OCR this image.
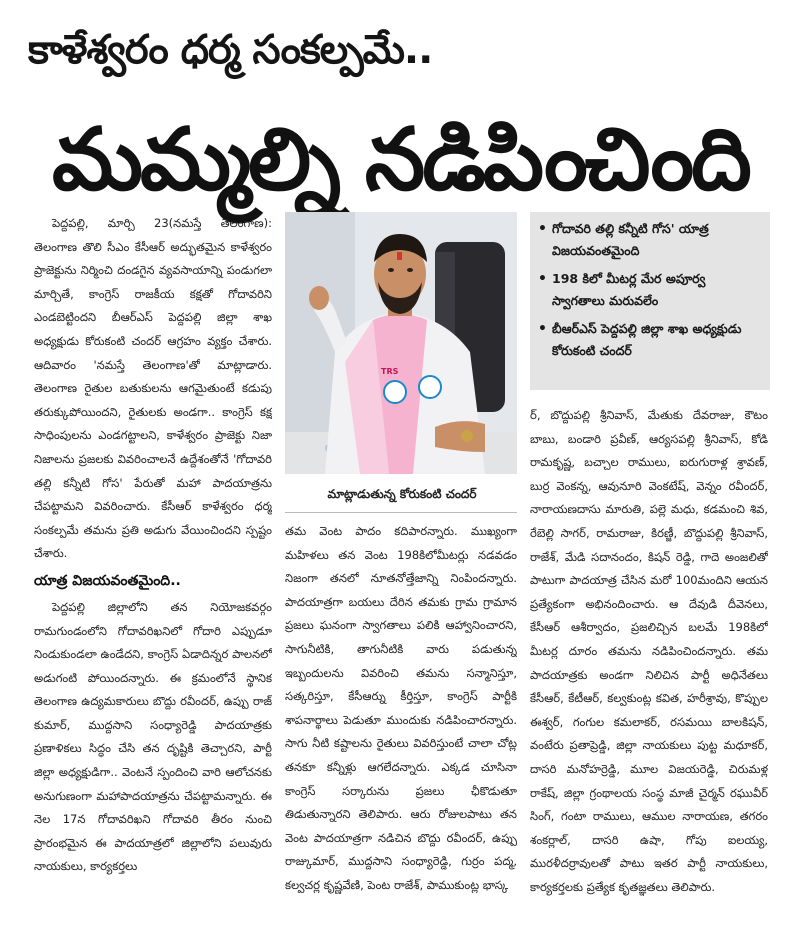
కాళేశ్వరం ధర్మ సంకల్పమే..
మమ్మల్ని నడిపించింది

పెద్దపల్లి, మార్చి 23(నమస్తే తెలంగాణ): తెలంగాణ తొలి సీఎం కేసీఆర్ అద్భుతమైన కాళేశ్వరం ప్రాజెక్టును నిర్మించి దండగైన వ్యవసాయాన్ని పండుగలా మార్చితే, కాంగ్రెస్ రాజకీయ కక్షతో గోదావరిని ఎండబెట్టిందని బీఆర్ఎస్ పెద్దపల్లి జిల్లా శాఖ అధ్యక్షుడు కోరుకంటి చందర్ ఆగ్రహం వ్యక్తం చేశారు. ఆదివారం 'నమస్తే తెలంగాణ'తో మాట్లాడారు. తెలంగాణ రైతుల బతుకులను ఆగమైతుంటే కడుపు తరుక్కుపోయిందని, రైతులకు అండగా.. కాంగ్రెస్ కక్ష సాధింపులను ఎండగట్టాలని, కాళేశ్వరం ప్రాజెక్టు నిజా నిజాలను ప్రజలకు వివరించాలనే ఉద్దేశంతోనే 'గోదావరి తల్లి కన్నీటి గోస' పేరుతో మహా పాదయాత్రను చేపట్టామని వివరించారు. కేసీఆర్ కాళేశ్వరం ధర్మ సంకల్పమే తమను ప్రతి అడుగు వేయించిందని స్పష్టం చేశారు.

యాత్ర విజయవంతమైంది..

పెద్దపల్లి జిల్లాలోని తన నియోజకవర్గం రామగుండంలోని గోదావరిఖనిలో గోదారి ఎప్పుడూ నిండుకుండలా ఉండేదని, కాంగ్రెస్ ఏడాదిన్నర పాలనలో అడుగంటి పోయిందన్నారు. ఈ క్రమంలోనే స్థానిక తెలంగాణ ఉద్యమకారులు బొద్దు రవీందర్, ఉప్పు రాజ్ కుమార్, ముద్దసాని సంధ్యారెడ్డి పాదయాత్రకు ప్రణాళికలు సిద్ధం చేసి తన దృష్టికి తెచ్చారని, పార్టీ జిల్లా అధ్యక్షుడిగా.. వెంటనే స్పందించి వారి ఆలోచనకు అనుగుణంగా మహాపాదయాత్రను చేపట్టామన్నారు. ఈ నెల 17న గోదావరిఖని గోదావరి తీరం నుంచి ప్రారంభమైన ఈ పాదయాత్రలో జిల్లాలోని పలువురు నాయకులు, కార్యకర్తలు

TRS
మాట్లాడుతున్న కోరుకంటి చందర్

తమ వెంట పాదం కదిపారన్నారు. ముఖ్యంగా మహిళలు తన వెంట 198కిలోమీటర్లు నడవడం నిజంగా తనలో నూతనోత్తేజాన్ని నింపిందన్నారు. పాదయాత్రగా బయలు దేరిన తమకు గ్రామ గ్రామాన ప్రజలు ఘనంగా స్వాగతాలు పలికి ఆహ్వానించారని, సాగునీటికి, తాగునీటికి వారు పడుతున్న ఇబ్బందులను వివరించి తమను సన్మానిస్తూ, సత్కరిస్తూ, కేసీఆర్ను కీర్తిస్తూ, కాంగ్రెస్ పార్టీకి శాపనార్థాలు పెడుతూ ముందుకు నడిపించారన్నారు. సాగు నీటి కష్టాలను రైతులు వివరిస్తుంటే చాలా చోట్ల తనకూ కన్నీళ్లు ఆగలేదన్నారు. ఎక్కడ చూసినా కాంగ్రెస్ సర్కారును ప్రజలు ఛీకొడుతూ తిడుతున్నారని తెలిపారు. ఆరు రోజులపాటు తన వెంట పాదయాత్రగా నడిచిన బొద్దు రవీందర్, ఉప్పు రాజ్కుమార్, ముద్దసాని సంధ్యారెడ్డి, గుర్రం పద్మ, కల్వచర్ల కృష్ణవేణి, పెంట రాజేశ్, పాముకుంట్ల భాస్క

• గోదావరి తల్లి కన్నీటి గోస' యాత్ర విజయవంతమైంది
• 198 కిలో మీటర్ల మేర అపూర్వ స్వాగతాలు మరువలేం
• బీఆర్ఎస్ పెద్దపల్లి జిల్లా శాఖ అధ్యక్షుడు కోరుకంటి చందర్

ర్, బొద్దుపల్లి శ్రీనివాస్, మేతుకు దేవరాజు, కౌటం బాబు, బండారి ప్రవీణ్, ఆర్యసపల్లి శ్రీనివాస్, కోడి రామకృష్ణ, బచ్చాల రాములు, ఐరుగురాళ్ల శ్రావణ్, బుర్ర వెంకన్న, ఆవునూరి వెంకటేష్, వెన్నం రవీందర్, నారాయణదాసు మారుతి, పల్లె మధు, కడమంచి శివ, రేబెల్లి సాగర్, రామరాజు, కిరణ్జీ, బొద్దుపల్లి శ్రీనివాస్, రాజేశ్, మేడి సదానందం, కిషన్ రెడ్డి, గాదె అంజలితో పాటుగా పాదయాత్ర చేసిన మరో 100మందిని ఆయన ప్రత్యేకంగా అభినందించారు. ఆ దేవుడి దీవెనలు, కేసీఆర్ ఆశీర్వాదం, ప్రజలిచ్చిన బలమే 198కిలో మీటర్ల దూరం తమను నడిపించిందన్నారు. తమ పాదయాత్రకు అండగా నిలిచిన పార్టీ అధినేతలు కేసీఆర్, కేటీఆర్, కల్వకుంట్ల కవిత, హరీశ్రావు, కొప్పుల ఈశ్వర్, గంగుల కమలాకర్, రసమయి బాలకిషన్, వంటేరు ప్రతాప్రెడ్డి, జిల్లా నాయకులు పుట్ట మధూకర్, దాసరి మనోహర్రెడ్డి, మూల విజయరెడ్డి, చిరుమళ్ల రాకేష్, జిల్లా గ్రంథాలయ సంస్థ మాజీ చైర్మన్ రఘువీర్ సింగ్, గంటా రాములు, ఆముల నారాయణ, తగరం శంకర్లాల్, దాసరి ఉషా, గోపు ఐలయ్య, మురళీదర్రావులతో పాటు ఇతర పార్టీ నాయకులు, కార్యకర్తలకు ప్రత్యేక కృతజ్ఞతలు తెలిపారు.
